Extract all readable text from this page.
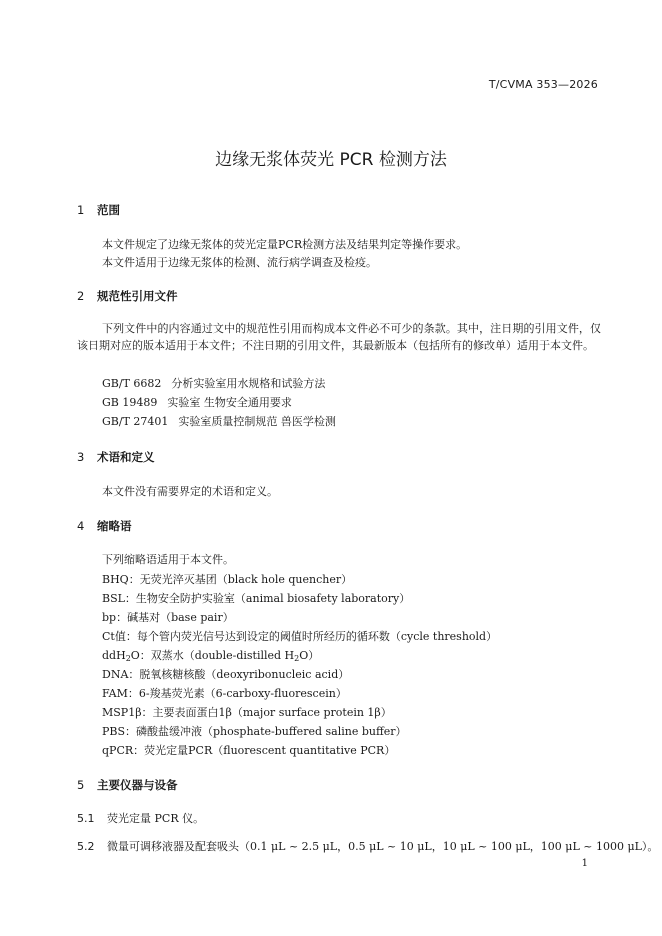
T/CVMA 353—2026
边缘无浆体荧光 PCR 检测方法
1 范围
本文件规定了边缘无浆体的荧光定量PCR检测方法及结果判定等操作要求。
本文件适用于边缘无浆体的检测、流行病学调查及检疫。
2 规范性引用文件
下列文件中的内容通过文中的规范性引用而构成本文件必不可少的条款。其中，注日期的引用文件，仅该日期对应的版本适用于本文件；不注日期的引用文件，其最新版本（包括所有的修改单）适用于本文件。
GB/T 6682 分析实验室用水规格和试验方法
GB 19489 实验室 生物安全通用要求
GB/T 27401 实验室质量控制规范 兽医学检测
3 术语和定义
本文件没有需要界定的术语和定义。
4 缩略语
下列缩略语适用于本文件。
BHQ：无荧光淬灭基团（black hole quencher）
BSL：生物安全防护实验室（animal biosafety laboratory）
bp：碱基对（base pair）
Ct值：每个管内荧光信号达到设定的阈值时所经历的循环数（cycle threshold）
ddH$_2$O：双蒸水（double-distilled $H_2O$）
DNA：脱氧核糖核酸（deoxyribonucleic acid）
FAM：6-羧基荧光素（6-carboxy-fluorescein）
MSP1β：主要表面蛋白1β（major surface protein 1β）
PBS：磷酸盐缓冲液（phosphate-buffered saline buffer）
qPCR：荧光定量PCR（fluorescent quantitative PCR）
5 主要仪器与设备
5.1 荧光定量 PCR 仪。
5.2 微量可调移液器及配套吸头（0.1 μL ~ 2.5 μL，0.5 μL ~ 10 μL，10 μL ~ 100 μL，100 μL ~ 1000 μL）。
1
